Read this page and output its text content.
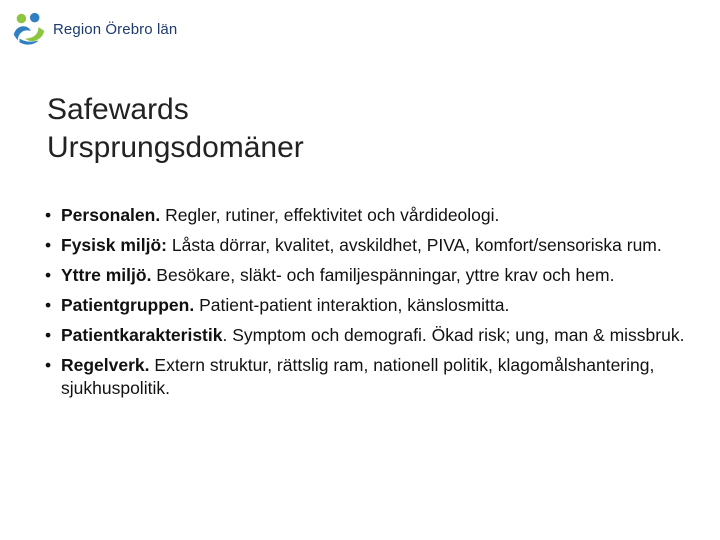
Region Örebro län
Safewards
Ursprungsdomäner
• Personalen. Regler, rutiner, effektivitet och vårdideologi.
• Fysisk miljö: Låsta dörrar, kvalitet, avskildhet, PIVA, komfort/sensoriska rum.
• Yttre miljö. Besökare, släkt- och familjespänningar, yttre krav och hem.
• Patientgruppen. Patient-patient interaktion, känslosmitta.
• Patientkarakteristik. Symptom och demografi. Ökad risk; ung, man & missbruk.
• Regelverk. Extern struktur, rättslig ram, nationell politik, klagomålshantering, sjukhuspolitik.
